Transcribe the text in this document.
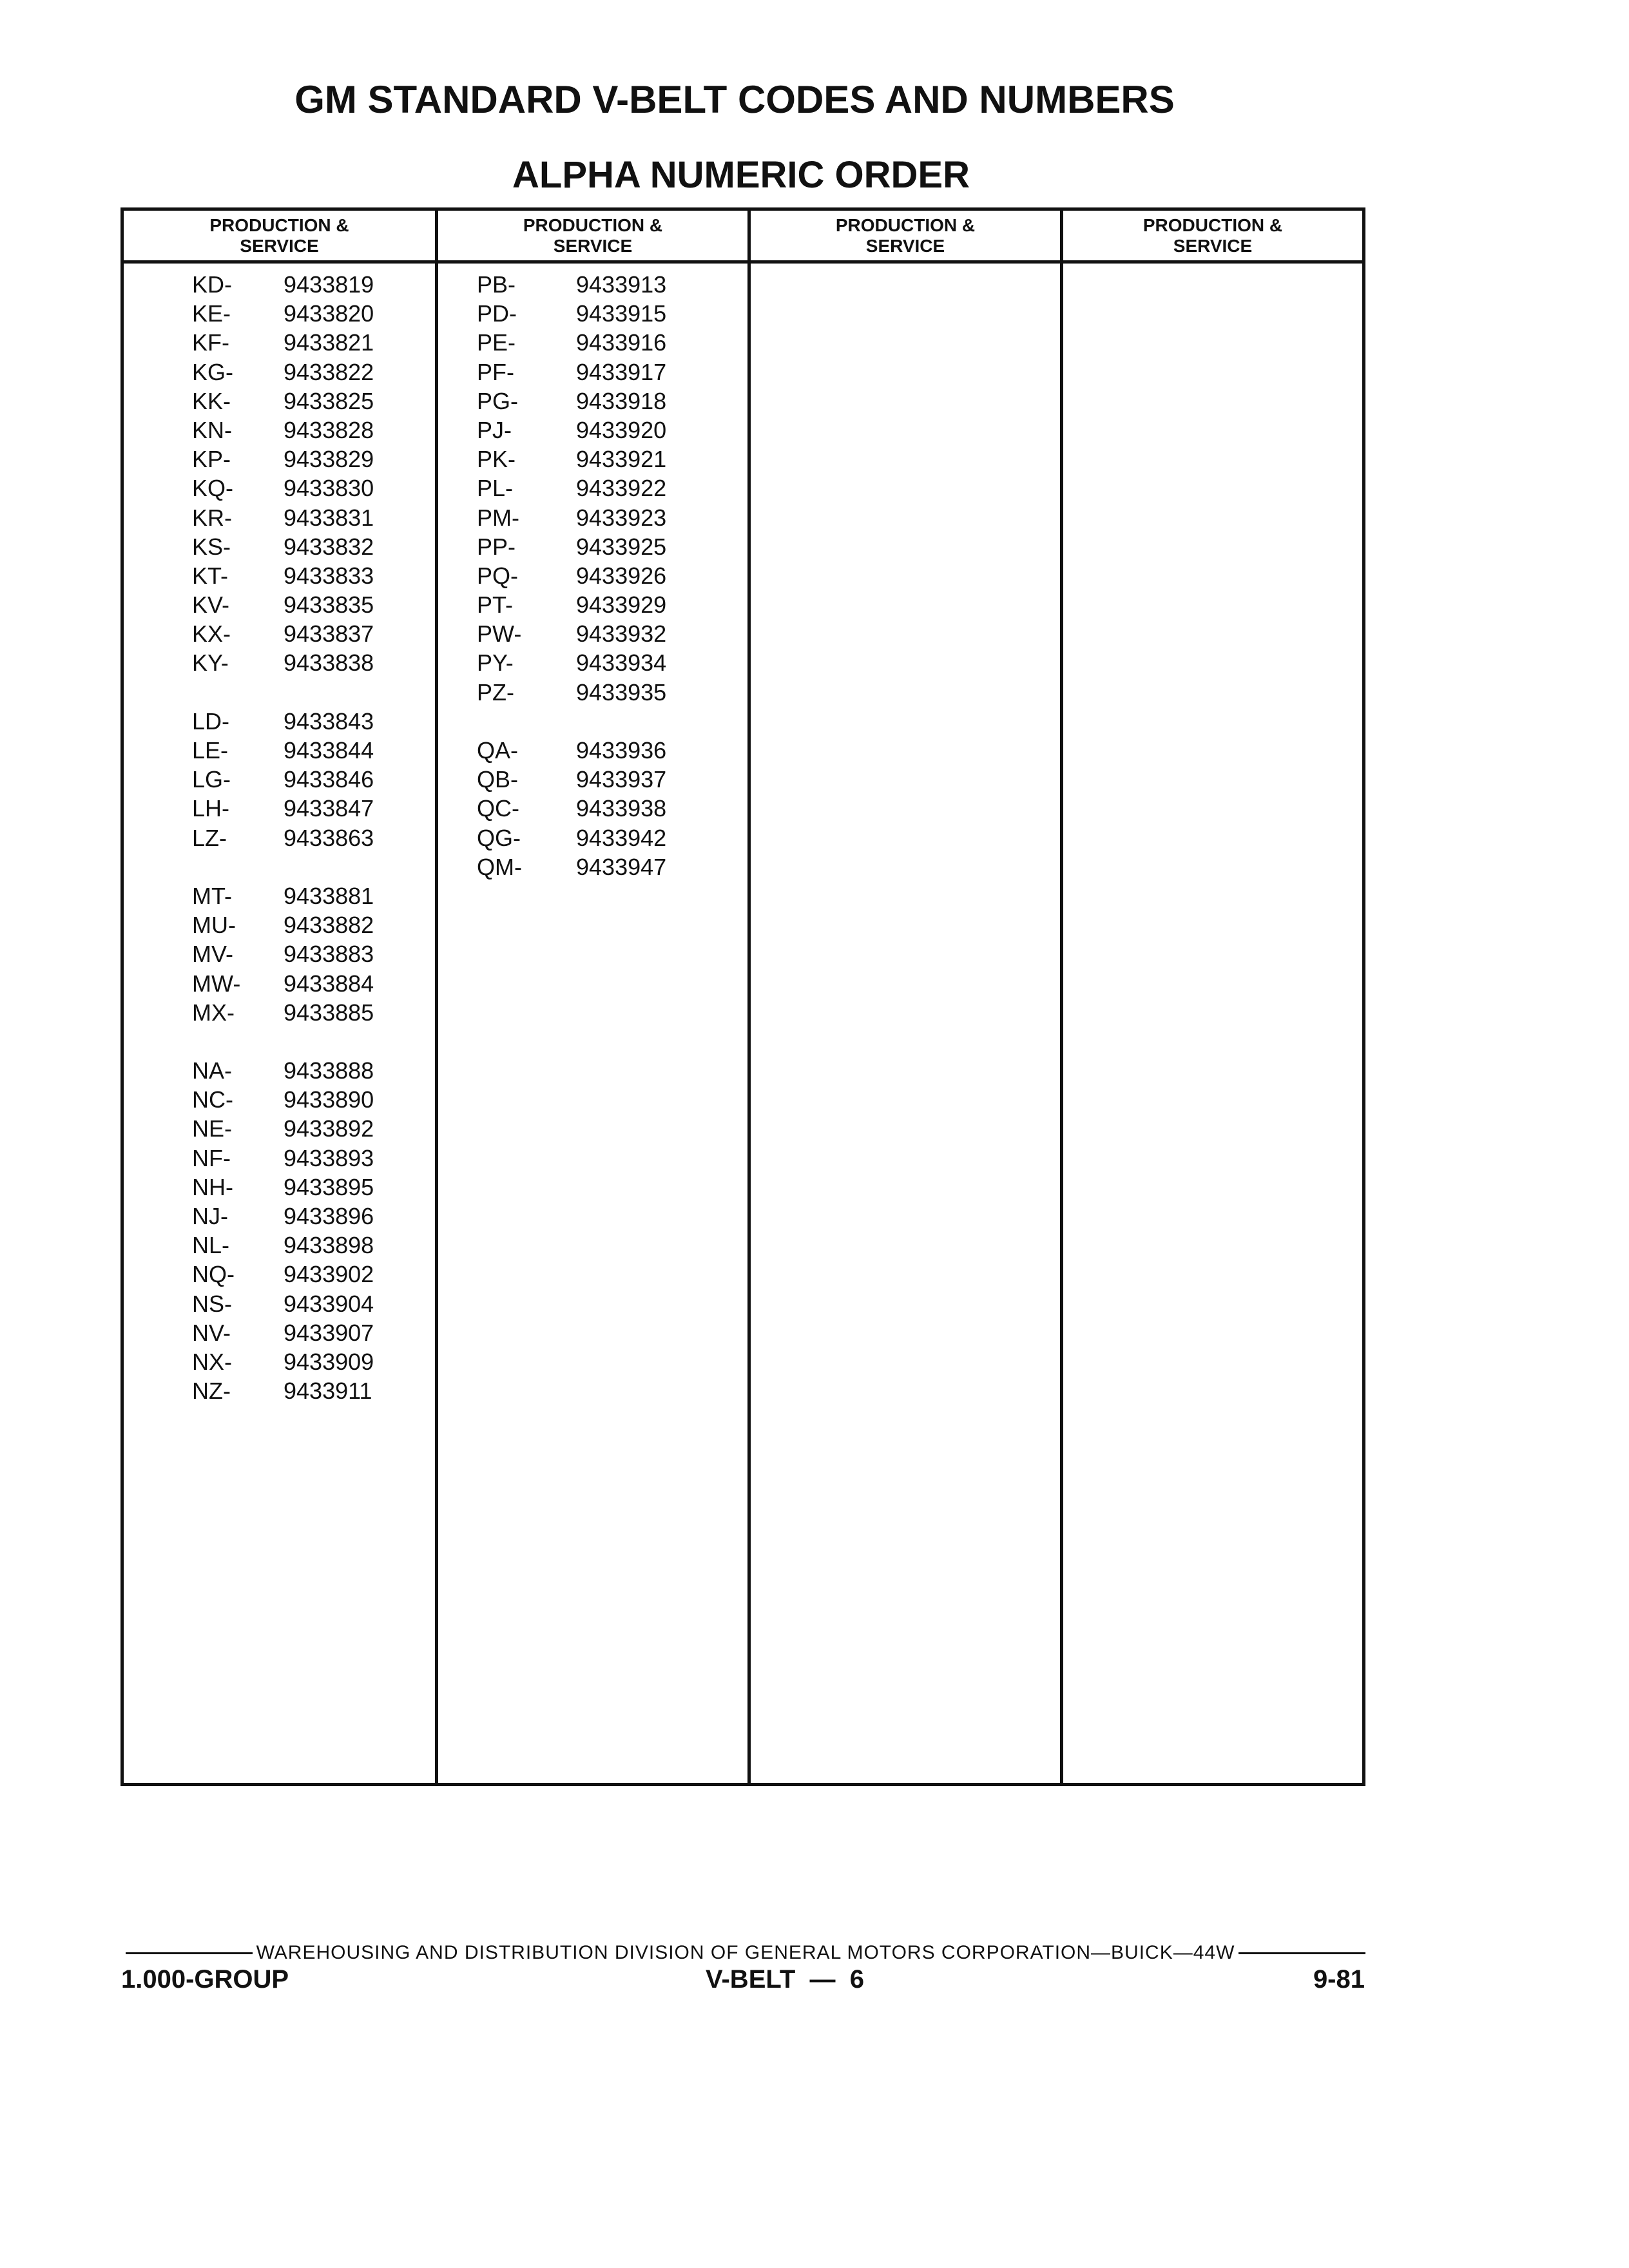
GM STANDARD V-BELT CODES AND NUMBERS
ALPHA NUMERIC ORDER
PRODUCTION &
SERVICE
KD- 9433819
KE- 9433820
KF- 9433821
KG- 9433822
KK- 9433825
KN- 9433828
KP- 9433829
KQ- 9433830
KR- 9433831
KS- 9433832
KT- 9433833
KV- 9433835
KX- 9433837
KY- 9433838
LD- 9433843
LE- 9433844
LG- 9433846
LH- 9433847
LZ- 9433863
MT- 9433881
MU- 9433882
MV- 9433883
MW- 9433884
MX- 9433885
NA- 9433888
NC- 9433890
NE- 9433892
NF- 9433893
NH- 9433895
NJ- 9433896
NL- 9433898
NQ- 9433902
NS- 9433904
NV- 9433907
NX- 9433909
NZ- 9433911
PRODUCTION &
SERVICE
PB-	9433913
PD-	9433915
PE-	9433916
PF-	9433917
PG- 9433918
PJ-	9433920
PK-	9433921
PL-	9433922
PM- 9433923
PP-	9433925
PQ- 9433926
PT-	9433929
PW- 9433932
PY-	9433934
PZ-	9433935
QA- 9433936
QB- 9433937
QC- 9433938
QG- 9433942
QM- 9433947
PRODUCTION &
SERVICE
PRODUCTION &
SERVICE
WAREHOUSING AND DISTRIBUTION DIVISION OF GENERAL MOTORS CORPORATION—BUICK—44W
1.000-GROUP	V-BELT  —  6	9-81
